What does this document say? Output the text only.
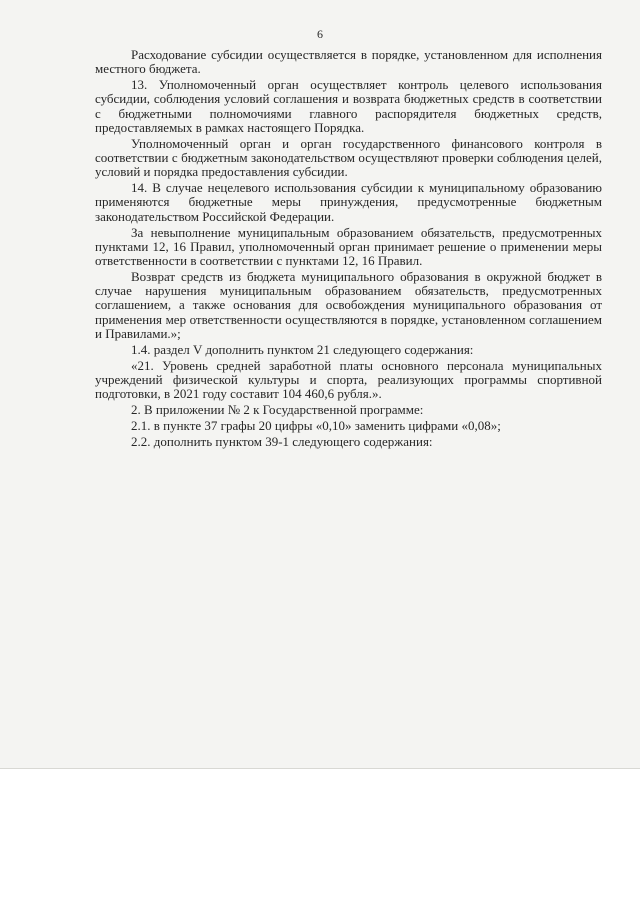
6

Расходование субсидии осуществляется в порядке, установленном для исполнения местного бюджета.

13. Уполномоченный орган осуществляет контроль целевого использования субсидии, соблюдения условий соглашения и возврата бюджетных средств в соответствии с бюджетными полномочиями главного распорядителя бюджетных средств, предоставляемых в рамках настоящего Порядка.

Уполномоченный орган и орган государственного финансового контроля в соответствии с бюджетным законодательством осуществляют проверки соблюдения целей, условий и порядка предоставления субсидии.

14. В случае нецелевого использования субсидии к муниципальному образованию применяются бюджетные меры принуждения, предусмотренные бюджетным законодательством Российской Федерации.

За невыполнение муниципальным образованием обязательств, предусмотренных пунктами 12, 16 Правил, уполномоченный орган принимает решение о применении меры ответственности в соответствии с пунктами 12, 16 Правил.

Возврат средств из бюджета муниципального образования в окружной бюджет в случае нарушения муниципальным образованием обязательств, предусмотренных соглашением, а также основания для освобождения муниципального образования от применения мер ответственности осуществляются в порядке, установленном соглашением и Правилами.»;

1.4. раздел V дополнить пунктом 21 следующего содержания:

«21. Уровень средней заработной платы основного персонала муниципальных учреждений физической культуры и спорта, реализующих программы спортивной подготовки, в 2021 году составит 104 460,6 рубля.».

2. В приложении № 2 к Государственной программе:

2.1. в пункте 37 графы 20 цифры «0,10» заменить цифрами «0,08»;

2.2. дополнить пунктом 39-1 следующего содержания:
